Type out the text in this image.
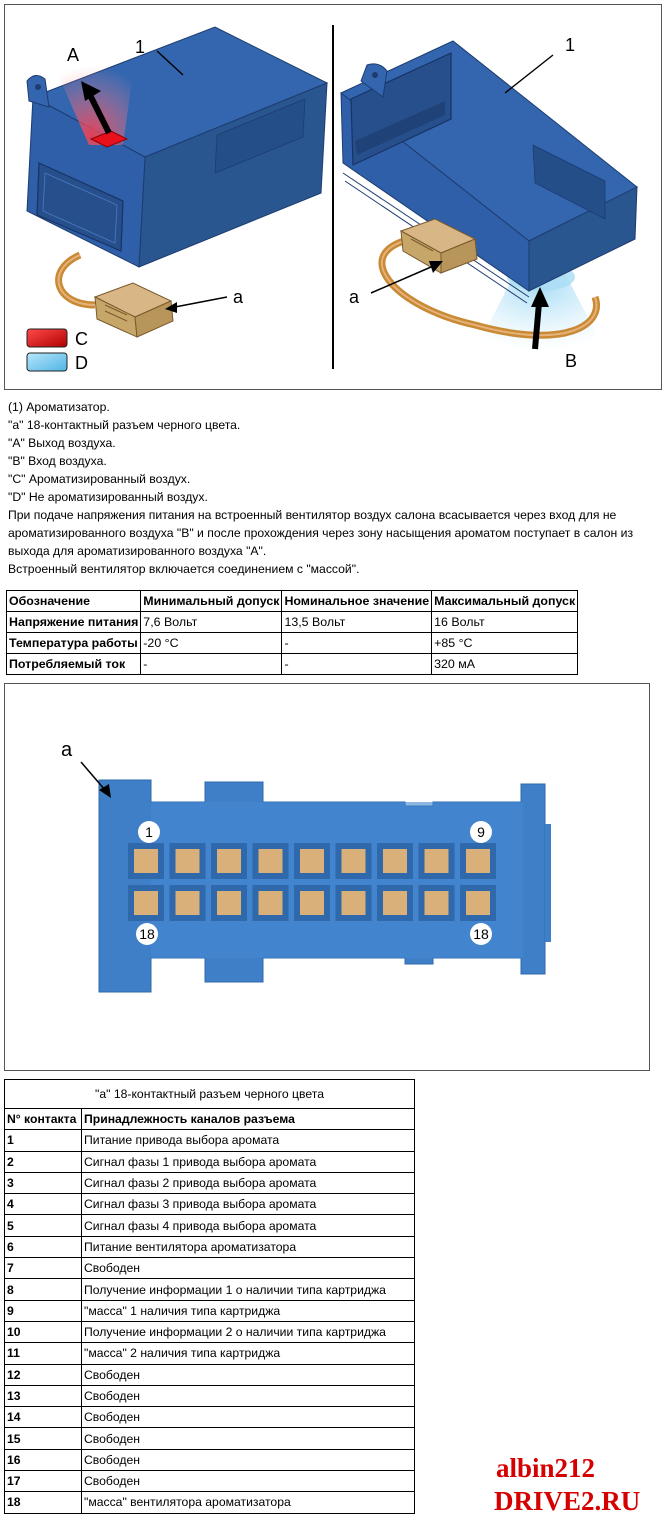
1
A
a
C
D
1
a
B

(1) Ароматизатор.

"a" 18-контактный разъем черного цвета.

"A" Выход воздуха.

"B" Вход воздуха.

"C" Ароматизированный воздух.

"D" Не ароматизированный воздух.

При подаче напряжения питания на встроенный вентилятор воздух салона всасывается через вход для не ароматизированного воздуха "B" и после прохождения через зону насыщения ароматом поступает в салон из выхода для ароматизированного воздуха "A".

Встроенный вентилятор включается соединением с "массой".

Обозначение	Минимальный допуск	Номинальное значение	Максимальный допуск
Напряжение питания	7,6 Вольт	13,5 Вольт	16 Вольт
Температура работы	-20 °C	-	+85 °C
Потребляемый ток	-	-	320 мА
a
1	9
18	18
"a" 18-контактный разъем черного цвета	
N° контакта	Принадлежность каналов разъема
1	Питание привода выбора аромата
2	Сигнал фазы 1 привода выбора аромата
3	Сигнал фазы 2 привода выбора аромата
4	Сигнал фазы 3 привода выбора аромата
5	Сигнал фазы 4 привода выбора аромата
6	Питание вентилятора ароматизатора
7	Свободен
8	Получение информации 1 о наличии типа картриджа
9	"масса" 1 наличия типа картриджа
10	Получение информации 2 о наличии типа картриджа
11	"масса" 2 наличия типа картриджа
12	Свободен
13	Свободен
14	Свободен
15	Свободен
16	Свободен
17	Свободен
18	"масса" вентилятора ароматизатора
albin212
DRIVE2.RU
